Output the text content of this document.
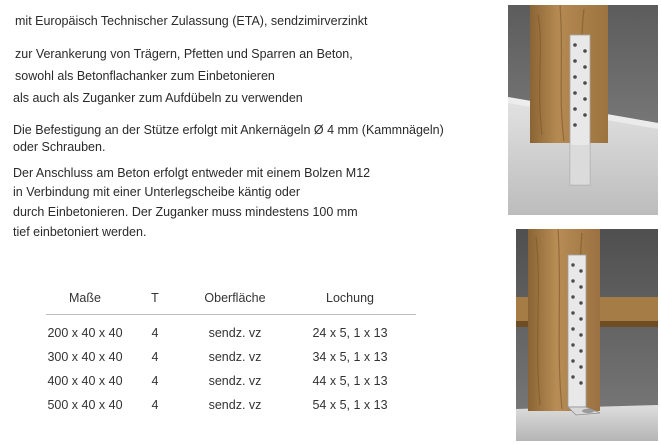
mit Europäisch Technischer Zulassung (ETA), sendzimirverzinkt
zur Verankerung von Trägern, Pfetten und Sparren an Beton,
sowohl als Betonflachanker zum Einbetonieren
als auch als Zuganker zum Aufdübeln zu verwenden
Die Befestigung an der Stütze erfolgt mit Ankernägeln Ø 4 mm (Kammnägeln)
oder Schrauben.
Der Anschluss am Beton erfolgt entweder mit einem Bolzen M12
in Verbindung mit einer Unterlegscheibe käntig oder
durch Einbetonieren. Der Zuganker muss mindestens 100 mm
tief einbetoniert werden.
Maße	T	Oberfläche	Lochung

200 x 40 x 40	4	sendz. vz	24 x 5, 1 x 13
300 x 40 x 40	4	sendz. vz	34 x 5, 1 x 13
400 x 40 x 40	4	sendz. vz	44 x 5, 1 x 13
500 x 40 x 40	4	sendz. vz	54 x 5, 1 x 13
